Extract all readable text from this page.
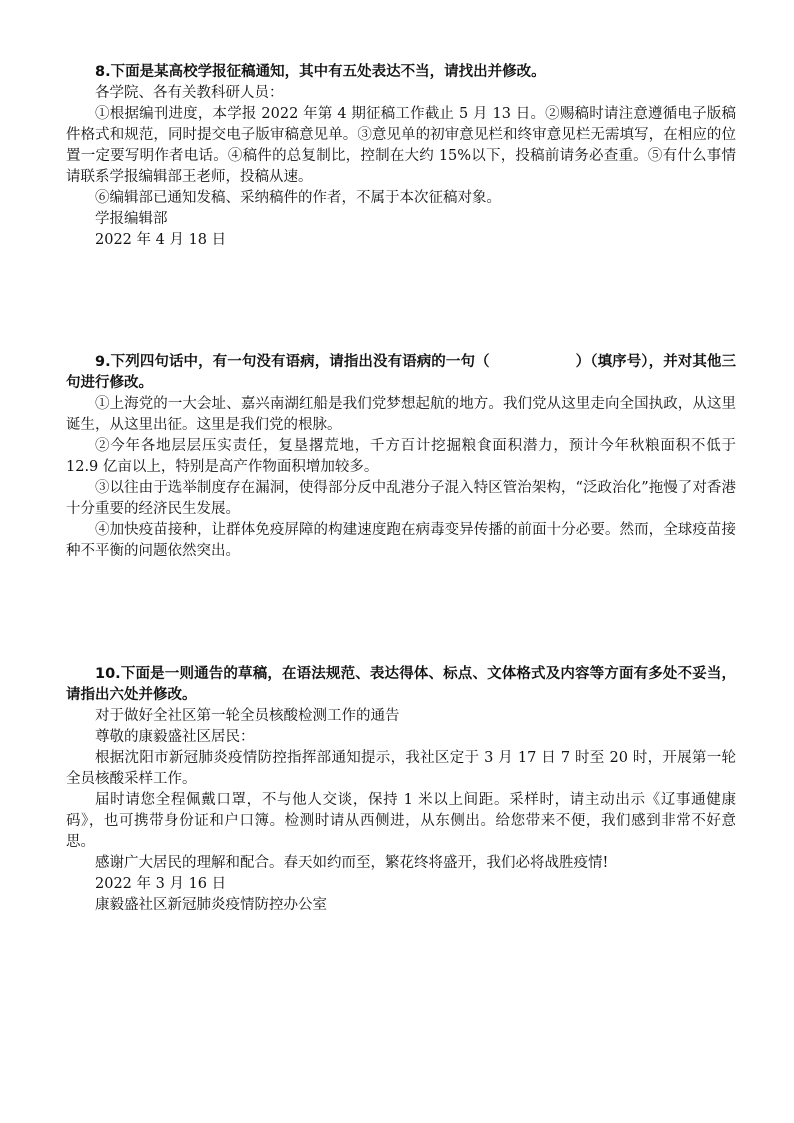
8.下面是某高校学报征稿通知，其中有五处表达不当，请找出并修改。

各学院、各有关教科研人员：

①根据编刊进度，本学报 2022 年第 4 期征稿工作截止 5 月 13 日。②赐稿时请注意遵循电子版稿件格式和规范，同时提交电子版审稿意见单。③意见单的初审意见栏和终审意见栏无需填写，在相应的位置一定要写明作者电话。④稿件的总复制比，控制在大约 15%以下，投稿前请务必查重。⑤有什么事情请联系学报编辑部王老师，投稿从速。

⑥编辑部已通知发稿、采纳稿件的作者，不属于本次征稿对象。

学报编辑部

2022 年 4 月 18 日

9.下列四句话中，有一句没有语病，请指出没有语病的一句（	）（填序号），并对其他三句进行修改。

①上海党的一大会址、嘉兴南湖红船是我们党梦想起航的地方。我们党从这里走向全国执政，从这里诞生，从这里出征。这里是我们党的根脉。

②今年各地层层压实责任，复垦撂荒地，千方百计挖掘粮食面积潜力，预计今年秋粮面积不低于 12.9 亿亩以上，特别是高产作物面积增加较多。

③以往由于选举制度存在漏洞，使得部分反中乱港分子混入特区管治架构，“泛政治化”拖慢了对香港十分重要的经济民生发展。

④加快疫苗接种，让群体免疫屏障的构建速度跑在病毒变异传播的前面十分必要。然而，全球疫苗接种不平衡的问题依然突出。

10.下面是一则通告的草稿，在语法规范、表达得体、标点、文体格式及内容等方面有多处不妥当，请指出六处并修改。

对于做好全社区第一轮全员核酸检测工作的通告

尊敬的康毅盛社区居民：

根据沈阳市新冠肺炎疫情防控指挥部通知提示，我社区定于 3 月 17 日 7 时至 20 时，开展第一轮全员核酸采样工作。

届时请您全程佩戴口罩，不与他人交谈，保持 1 米以上间距。采样时，请主动出示《辽事通健康码》，也可携带身份证和户口簿。检测时请从西侧进，从东侧出。给您带来不便，我们感到非常不好意思。

感谢广大居民的理解和配合。春天如约而至，繁花终将盛开，我们必将战胜疫情!

2022 年 3 月 16 日

康毅盛社区新冠肺炎疫情防控办公室
